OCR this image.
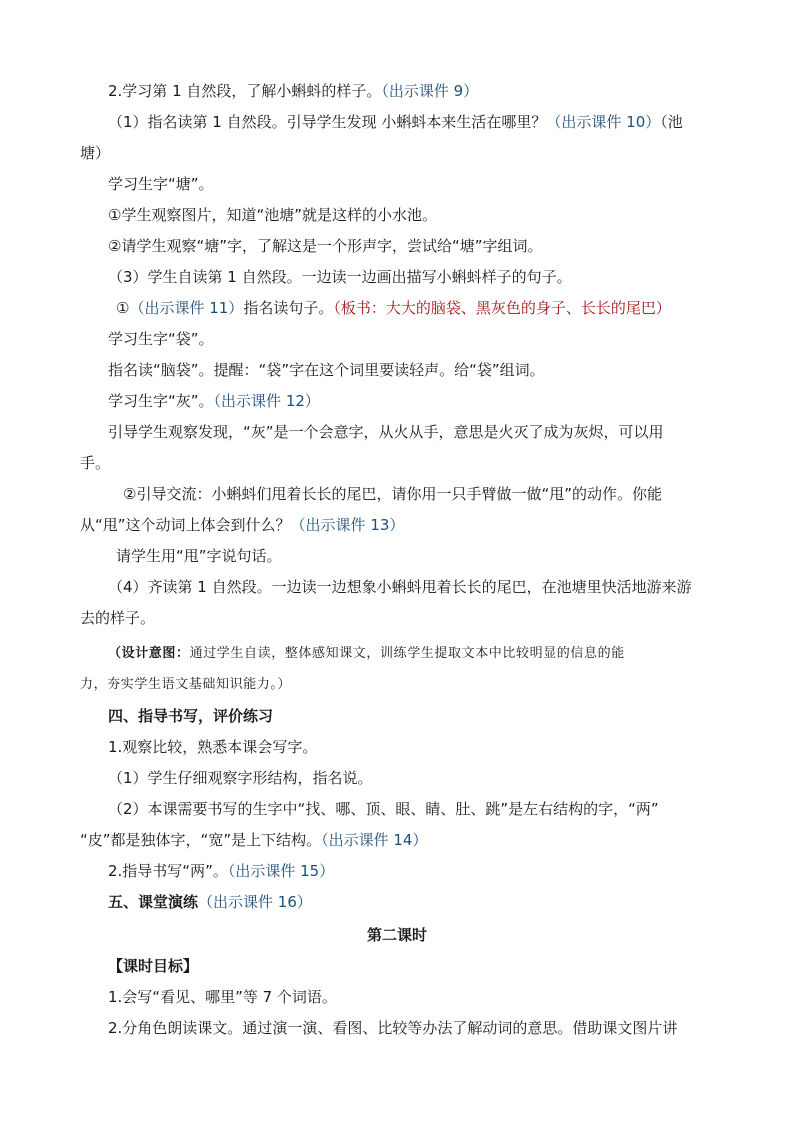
2.学习第 1 自然段，了解小蝌蚪的样子。（出示课件 9）
（1）指名读第 1 自然段。引导学生发现 小蝌蚪本来生活在哪里？（出示课件 10）（池
塘）
学习生字“塘”。
①学生观察图片，知道“池塘”就是这样的小水池。
②请学生观察“塘”字，了解这是一个形声字，尝试给“塘”字组词。
（3）学生自读第 1 自然段。一边读一边画出描写小蝌蚪样子的句子。
①（出示课件 11）指名读句子。（板书：大大的脑袋、黑灰色的身子、长长的尾巴）
学习生字“袋”。
指名读“脑袋”。提醒：“袋”字在这个词里要读轻声。给“袋”组词。
学习生字“灰”。（出示课件 12）
引导学生观察发现，“灰”是一个会意字，从火从手，意思是火灭了成为灰烬，可以用
手。
②引导交流：小蝌蚪们甩着长长的尾巴，请你用一只手臂做一做“甩”的动作。你能
从“甩”这个动词上体会到什么？（出示课件 13）
请学生用“甩”字说句话。
（4）齐读第 1 自然段。一边读一边想象小蝌蚪甩着长长的尾巴，在池塘里快活地游来游
去的样子。
（设计意图：通过学生自读，整体感知课文，训练学生提取文本中比较明显的信息的能
力，夯实学生语文基础知识能力。）
四、指导书写，评价练习
1.观察比较，熟悉本课会写字。
（1）学生仔细观察字形结构，指名说。
（2）本课需要书写的生字中“找、哪、顶、眼、睛、肚、跳”是左右结构的字，“两”
“皮”都是独体字，“宽”是上下结构。（出示课件 14）
2.指导书写“两”。（出示课件 15）
五、课堂演练（出示课件 16）
第二课时
【课时目标】
1.会写“看见、哪里”等 7 个词语。
2.分角色朗读课文。通过演一演、看图、比较等办法了解动词的意思。借助课文图片讲
